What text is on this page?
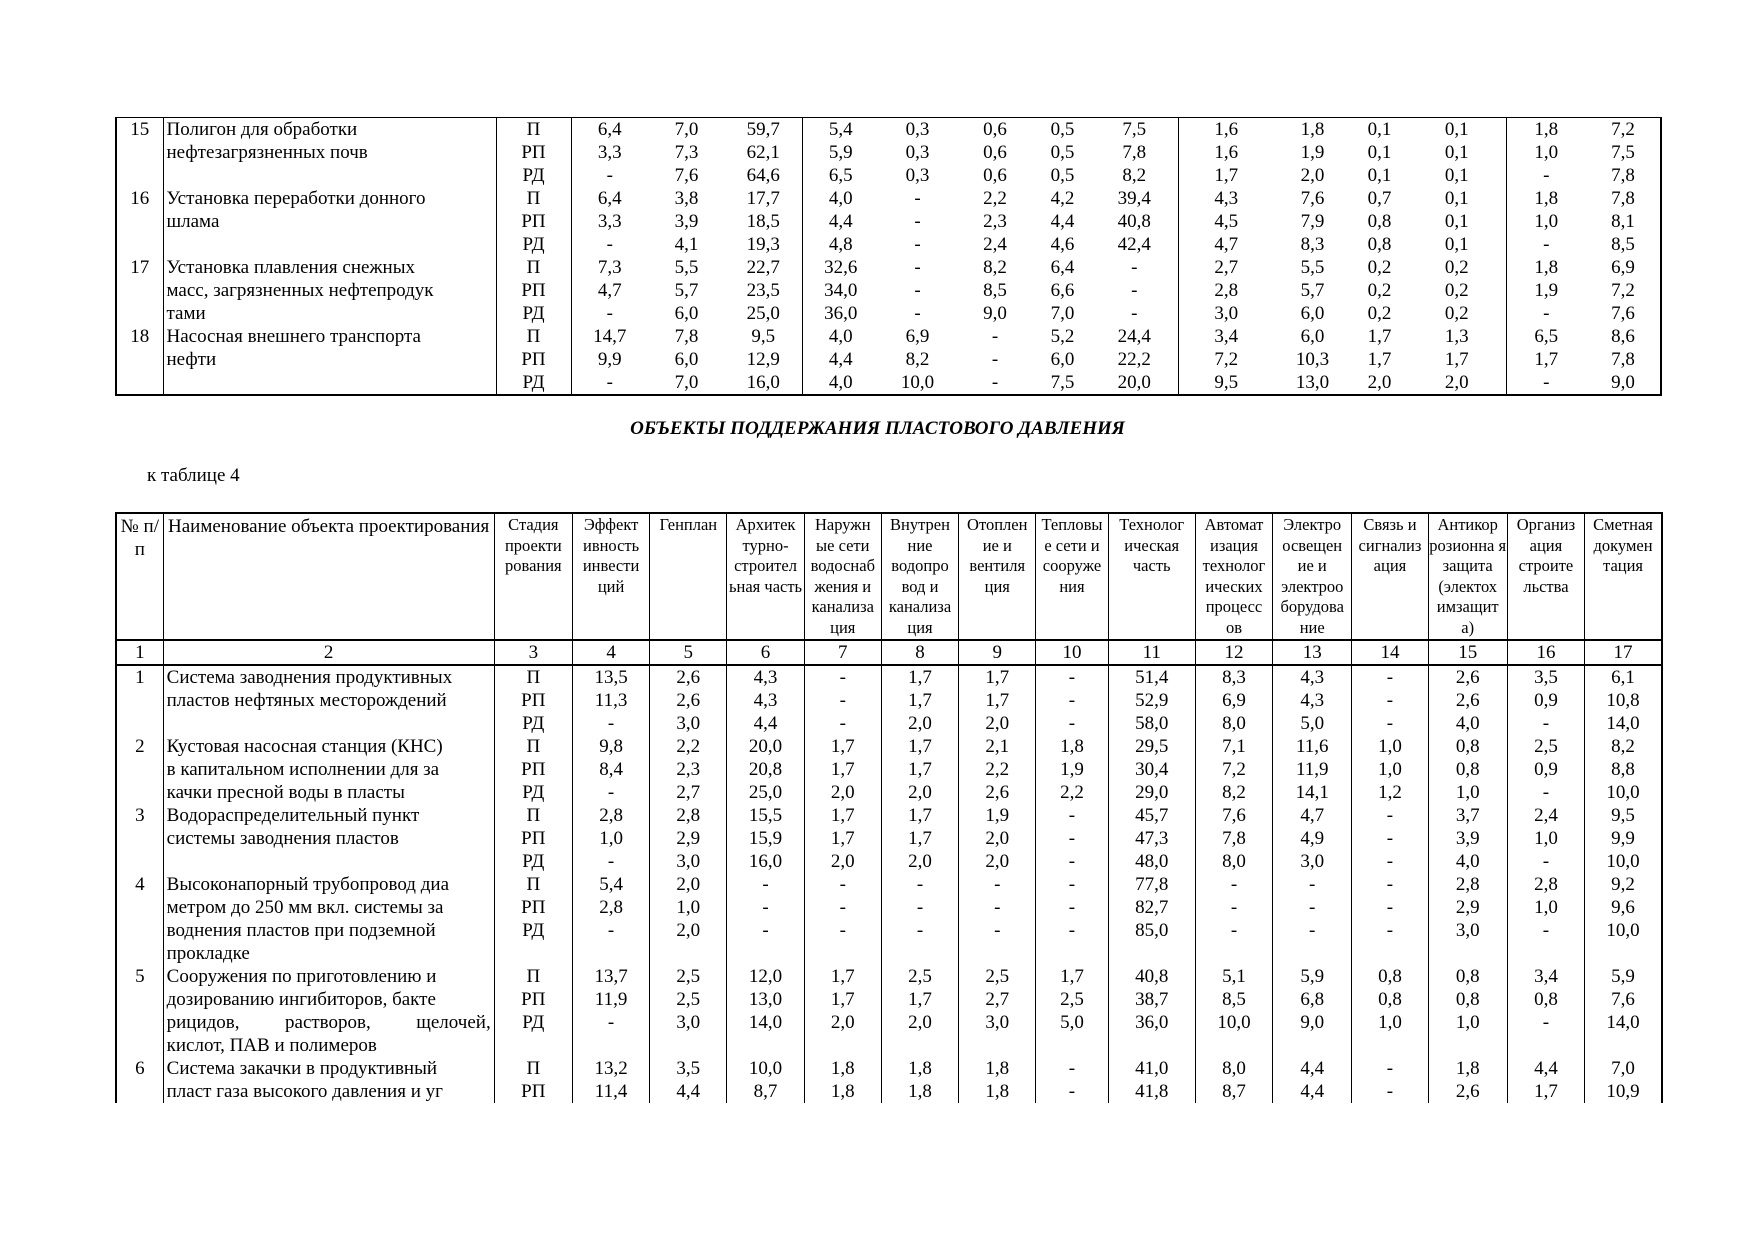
15	Полигон для обработки	П	6,4	7,0	59,7	5,4	0,3	0,6	0,5	7,5	1,6	1,8	0,1	0,1	1,8	7,2
	нефтезагрязненных почв	РП	3,3	7,3	62,1	5,9	0,3	0,6	0,5	7,8	1,6	1,9	0,1	0,1	1,0	7,5
		РД	-	7,6	64,6	6,5	0,3	0,6	0,5	8,2	1,7	2,0	0,1	0,1	-	7,8
16	Установка переработки донного	П	6,4	3,8	17,7	4,0	-	2,2	4,2	39,4	4,3	7,6	0,7	0,1	1,8	7,8
	шлама	РП	3,3	3,9	18,5	4,4	-	2,3	4,4	40,8	4,5	7,9	0,8	0,1	1,0	8,1
		РД	-	4,1	19,3	4,8	-	2,4	4,6	42,4	4,7	8,3	0,8	0,1	-	8,5
17	Установка плавления снежных	П	7,3	5,5	22,7	32,6	-	8,2	6,4	-	2,7	5,5	0,2	0,2	1,8	6,9
	масс, загрязненных нефтепродук	РП	4,7	5,7	23,5	34,0	-	8,5	6,6	-	2,8	5,7	0,2	0,2	1,9	7,2
	тами	РД	-	6,0	25,0	36,0	-	9,0	7,0	-	3,0	6,0	0,2	0,2	-	7,6
18	Насосная внешнего транспорта	П	14,7	7,8	9,5	4,0	6,9	-	5,2	24,4	3,4	6,0	1,7	1,3	6,5	8,6
	нефти	РП	9,9	6,0	12,9	4,4	8,2	-	6,0	22,2	7,2	10,3	1,7	1,7	1,7	7,8
		РД	-	7,0	16,0	4,0	10,0	-	7,5	20,0	9,5	13,0	2,0	2,0	-	9,0
ОБЪЕКТЫ ПОДДЕРЖАНИЯ ПЛАСТОВОГО ДАВЛЕНИЯ
к таблице 4
№ п/п	Наименование объекта проектирования	Стадия проекти рования	Эффект ивность инвести ций	Генплан	Архитек турно- строител ьная часть	Наружн ые сети водоснаб жения и канализа ция	Внутрен ние водопро вод и канализа ция	Отоплен ие и вентиля ция	Тепловы е сети и сооруже ния	Технолог ическая часть	Автомат изация технолог ических процесс ов	Электро освещен ие и электроо борудова ние	Связь и сигнализ ация	Антикор розионна я защита (электох имзащит а)	Организ ация строите льства	Сметная докумен тация
1	2	3	4	5	6	7	8	9	10	11	12	13	14	15	16	17
1	Система заводнения продуктивных	П	13,5	2,6	4,3	-	1,7	1,7	-	51,4	8,3	4,3	-	2,6	3,5	6,1
	пластов нефтяных месторождений	РП	11,3	2,6	4,3	-	1,7	1,7	-	52,9	6,9	4,3	-	2,6	0,9	10,8
		РД	-	3,0	4,4	-	2,0	2,0	-	58,0	8,0	5,0	-	4,0	-	14,0
2	Кустовая насосная станция (КНС)	П	9,8	2,2	20,0	1,7	1,7	2,1	1,8	29,5	7,1	11,6	1,0	0,8	2,5	8,2
	в капитальном исполнении для за	РП	8,4	2,3	20,8	1,7	1,7	2,2	1,9	30,4	7,2	11,9	1,0	0,8	0,9	8,8
	качки пресной воды в пласты	РД	-	2,7	25,0	2,0	2,0	2,6	2,2	29,0	8,2	14,1	1,2	1,0	-	10,0
3	Водораспределительный пункт	П	2,8	2,8	15,5	1,7	1,7	1,9	-	45,7	7,6	4,7	-	3,7	2,4	9,5
	системы заводнения пластов	РП	1,0	2,9	15,9	1,7	1,7	2,0	-	47,3	7,8	4,9	-	3,9	1,0	9,9
		РД	-	3,0	16,0	2,0	2,0	2,0	-	48,0	8,0	3,0	-	4,0	-	10,0
4	Высоконапорный трубопровод диа	П	5,4	2,0	-	-	-	-	-	77,8	-	-	-	2,8	2,8	9,2
	метром до 250 мм вкл. системы за	РП	2,8	1,0	-	-	-	-	-	82,7	-	-	-	2,9	1,0	9,6
	воднения пластов при подземной	РД	-	2,0	-	-	-	-	-	85,0	-	-	-	3,0	-	10,0
	прокладке															
5	Сооружения по приготовлению и	П	13,7	2,5	12,0	1,7	2,5	2,5	1,7	40,8	5,1	5,9	0,8	0,8	3,4	5,9
	дозированию ингибиторов, бакте	РП	11,9	2,5	13,0	1,7	1,7	2,7	2,5	38,7	8,5	6,8	0,8	0,8	0,8	7,6
	рицидов, растворов, щелочей,	РД	-	3,0	14,0	2,0	2,0	3,0	5,0	36,0	10,0	9,0	1,0	1,0	-	14,0
	кислот, ПАВ и полимеров															
6	Система закачки в продуктивный	П	13,2	3,5	10,0	1,8	1,8	1,8	-	41,0	8,0	4,4	-	1,8	4,4	7,0
	пласт газа высокого давления и уг	РП	11,4	4,4	8,7	1,8	1,8	1,8	-	41,8	8,7	4,4	-	2,6	1,7	10,9
